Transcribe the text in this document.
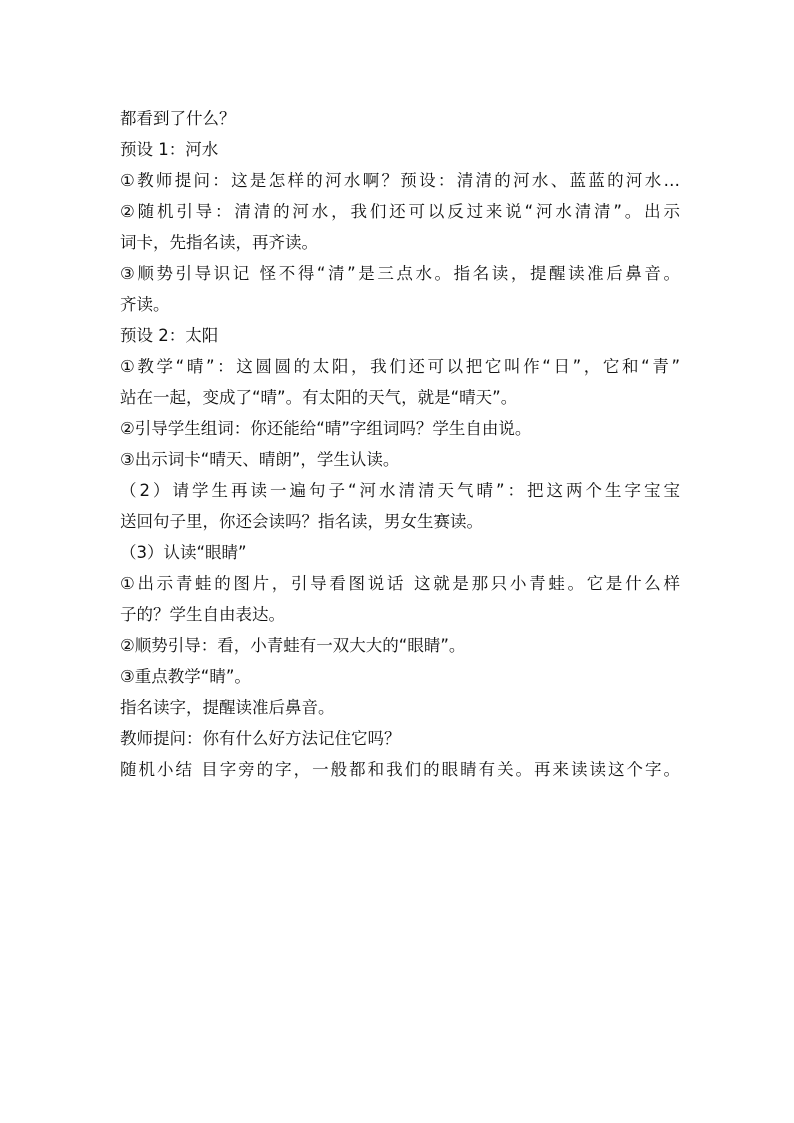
都看到了什么？
预设 1：河水
①教师提问：这是怎样的河水啊？预设：清清的河水、蓝蓝的河水…
②随机引导：清清的河水，我们还可以反过来说“河水清清”。出示
词卡，先指名读，再齐读。
③顺势引导识记 怪不得“清”是三点水。指名读，提醒读准后鼻音。
齐读。
预设 2：太阳
①教学“晴”：这圆圆的太阳，我们还可以把它叫作“日”，它和“青”
站在一起，变成了“晴”。有太阳的天气，就是“晴天”。
②引导学生组词：你还能给“晴”字组词吗？学生自由说。
③出示词卡“晴天、晴朗”，学生认读。
（2）请学生再读一遍句子“河水清清天气晴”：把这两个生字宝宝
送回句子里，你还会读吗？指名读，男女生赛读。
（3）认读“眼睛”
①出示青蛙的图片，引导看图说话 这就是那只小青蛙。它是什么样
子的？学生自由表达。
②顺势引导：看，小青蛙有一双大大的“眼睛”。
③重点教学“睛”。
指名读字，提醒读准后鼻音。
教师提问：你有什么好方法记住它吗？
随机小结 目字旁的字，一般都和我们的眼睛有关。再来读读这个字。
